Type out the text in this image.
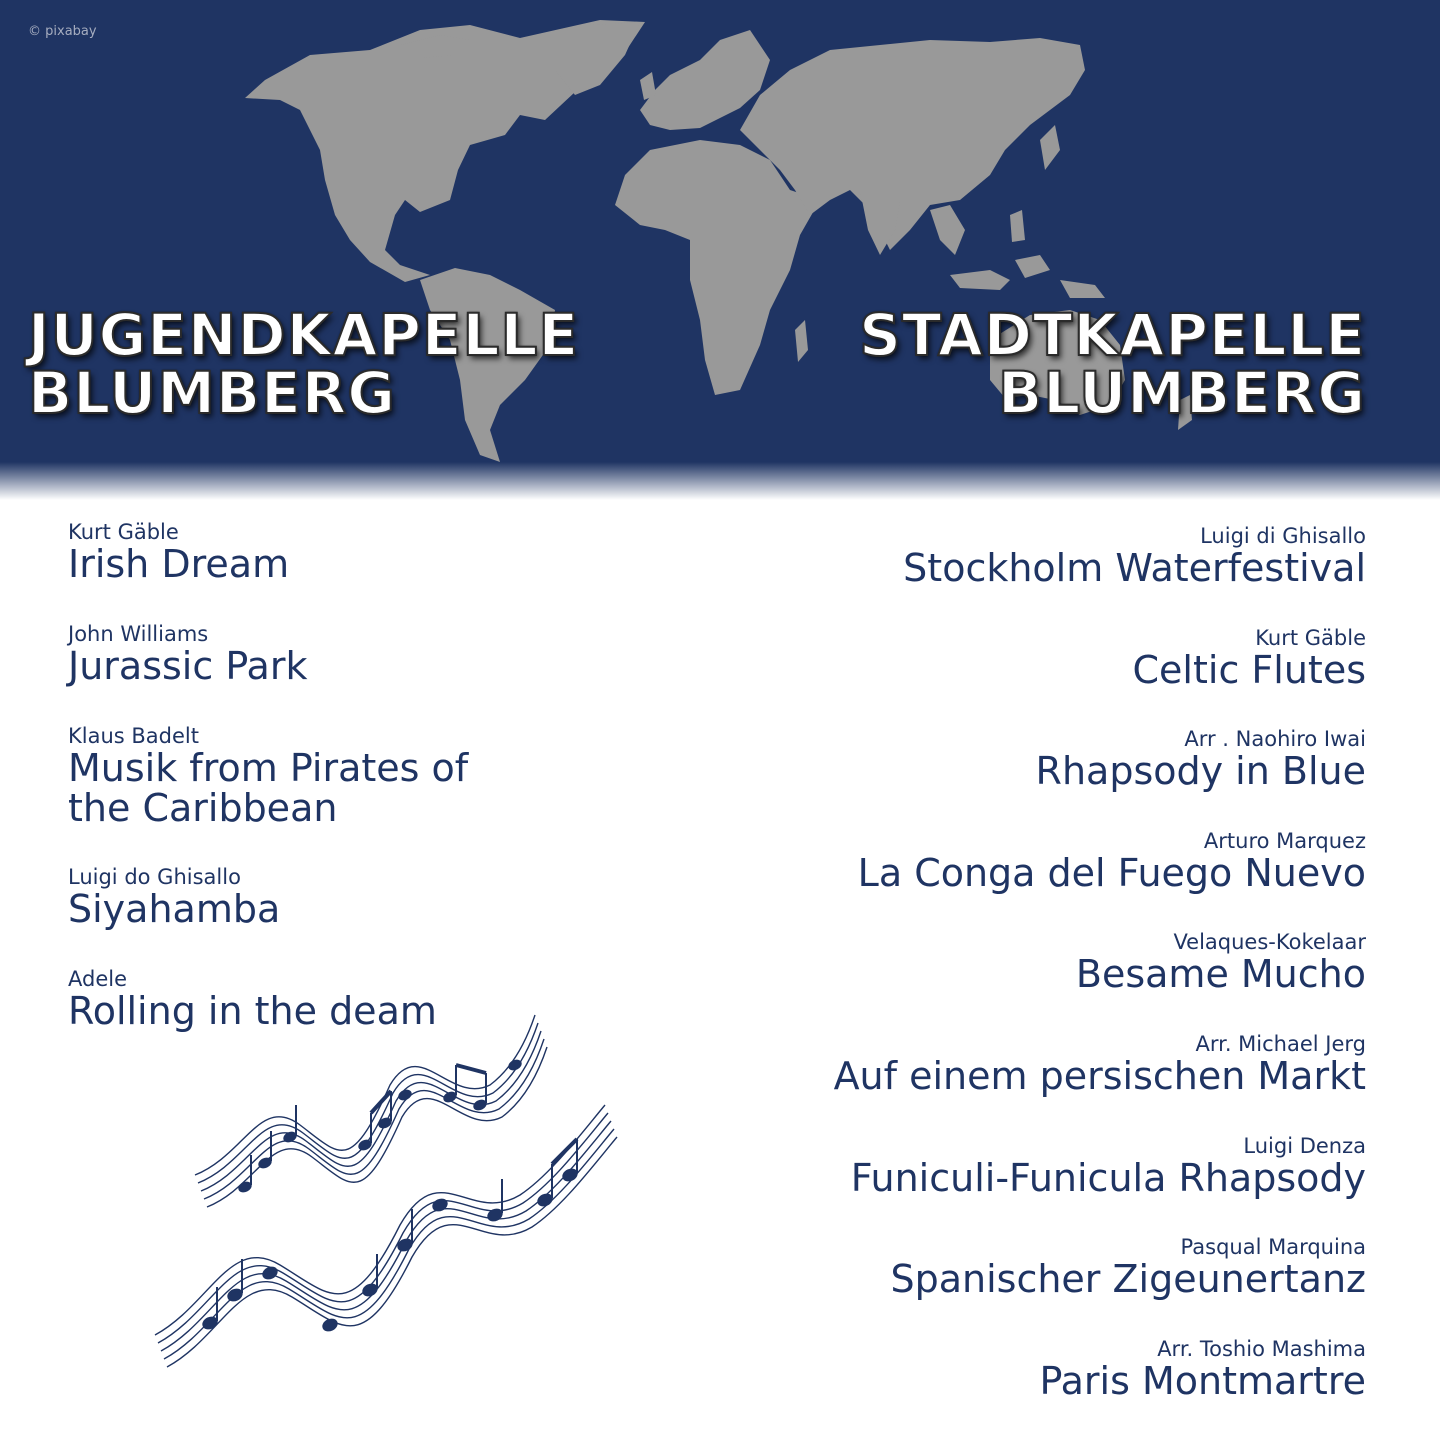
© pixabay
JUGENDKAPELLE
BLUMBERG
STADTKAPELLE
BLUMBERG
Kurt Gäble
Irish Dream
John Williams
Jurassic Park
Klaus Badelt
Musik from Pirates of
the Caribbean
Luigi do Ghisallo
Siyahamba
Adele
Rolling in the deam
Luigi di Ghisallo
Stockholm Waterfestival
Kurt Gäble
Celtic Flutes
Arr . Naohiro Iwai
Rhapsody in Blue
Arturo Marquez
La Conga del Fuego Nuevo
Velaques-Kokelaar
Besame Mucho
Arr. Michael Jerg
Auf einem persischen Markt
Luigi Denza
Funiculi-Funicula Rhapsody
Pasqual Marquina
Spanischer Zigeunertanz
Arr. Toshio Mashima
Paris Montmartre
